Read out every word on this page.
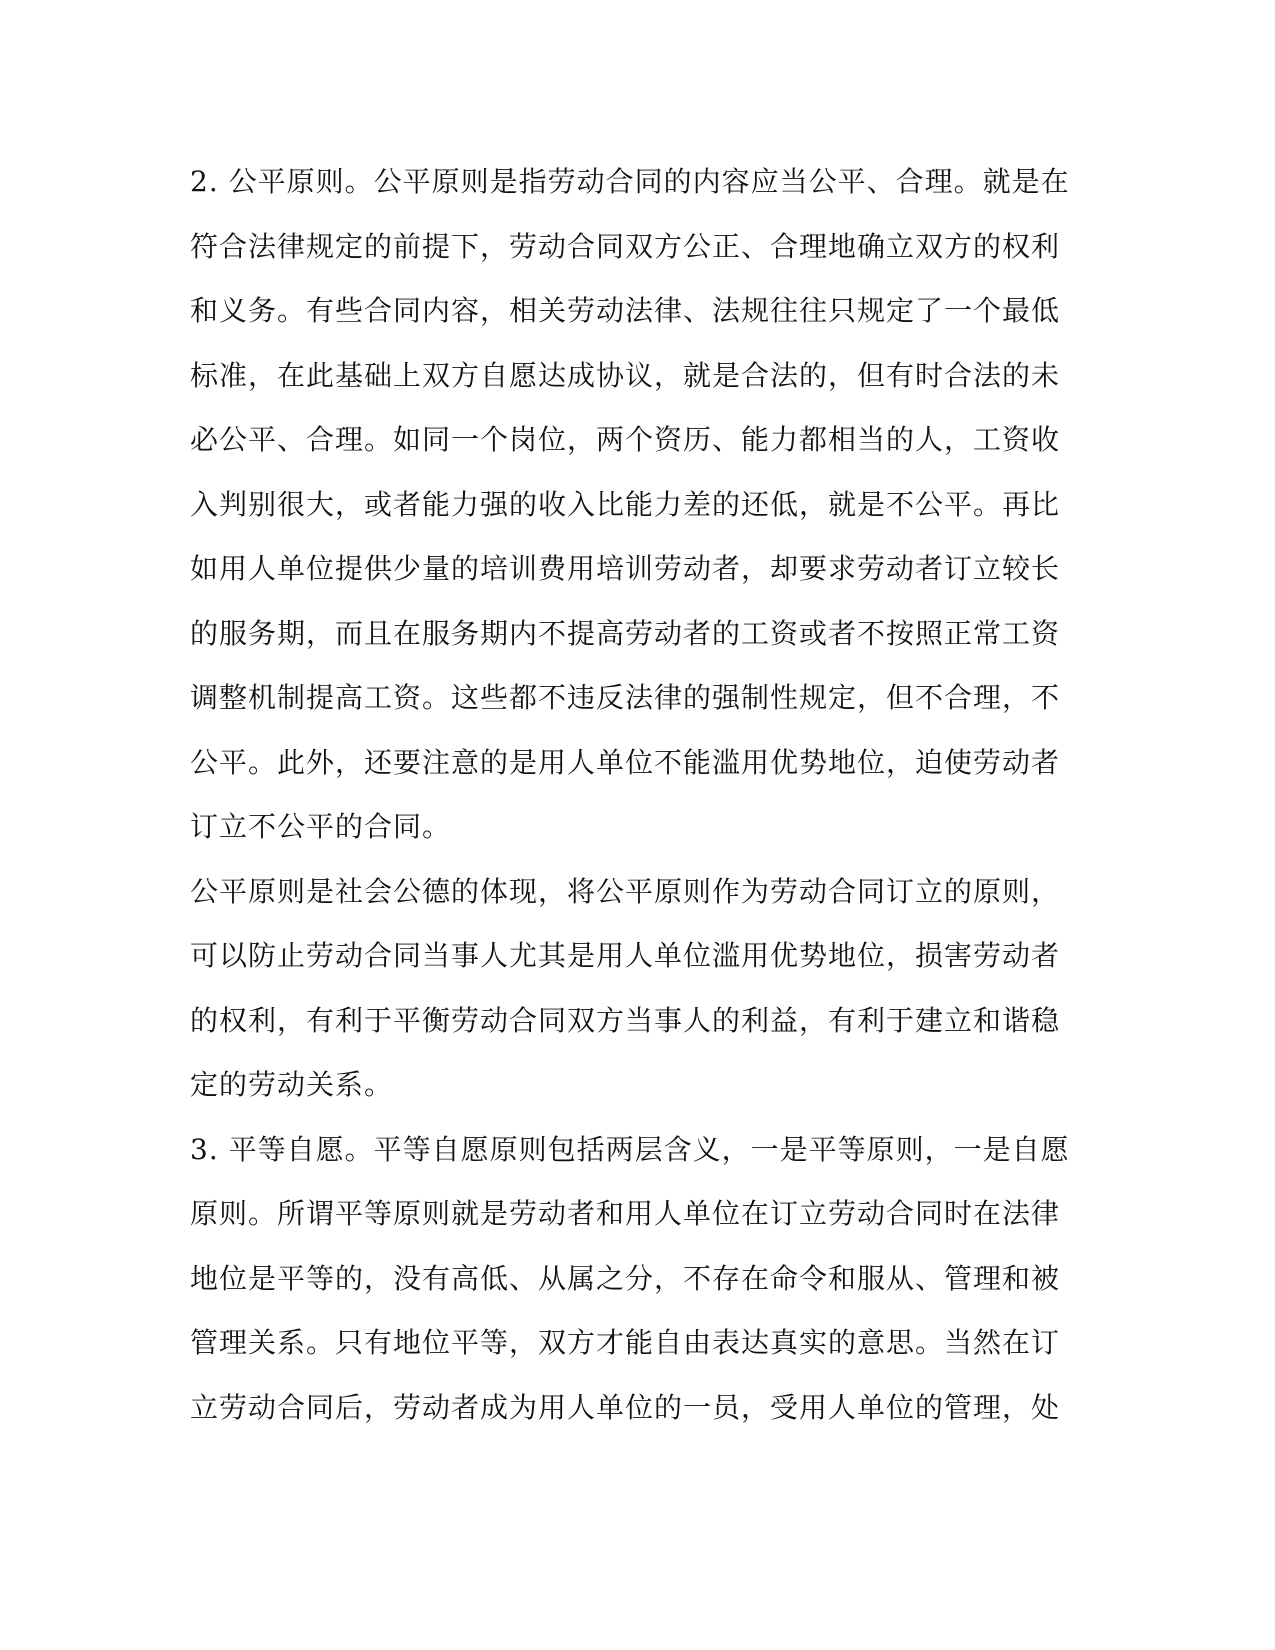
2. 公平原则。公平原则是指劳动合同的内容应当公平、合理。就是在
符合法律规定的前提下，劳动合同双方公正、合理地确立双方的权利
和义务。有些合同内容，相关劳动法律、法规往往只规定了一个最低
标准，在此基础上双方自愿达成协议，就是合法的，但有时合法的未
必公平、合理。如同一个岗位，两个资历、能力都相当的人，工资收
入判别很大，或者能力强的收入比能力差的还低，就是不公平。再比
如用人单位提供少量的培训费用培训劳动者，却要求劳动者订立较长
的服务期，而且在服务期内不提高劳动者的工资或者不按照正常工资
调整机制提高工资。这些都不违反法律的强制性规定，但不合理，不
公平。此外，还要注意的是用人单位不能滥用优势地位，迫使劳动者
订立不公平的合同。

公平原则是社会公德的体现，将公平原则作为劳动合同订立的原则，
可以防止劳动合同当事人尤其是用人单位滥用优势地位，损害劳动者
的权利，有利于平衡劳动合同双方当事人的利益，有利于建立和谐稳
定的劳动关系。

3. 平等自愿。平等自愿原则包括两层含义，一是平等原则，一是自愿
原则。所谓平等原则就是劳动者和用人单位在订立劳动合同时在法律
地位是平等的，没有高低、从属之分，不存在命令和服从、管理和被
管理关系。只有地位平等，双方才能自由表达真实的意思。当然在订
立劳动合同后，劳动者成为用人单位的一员，受用人单位的管理，处
